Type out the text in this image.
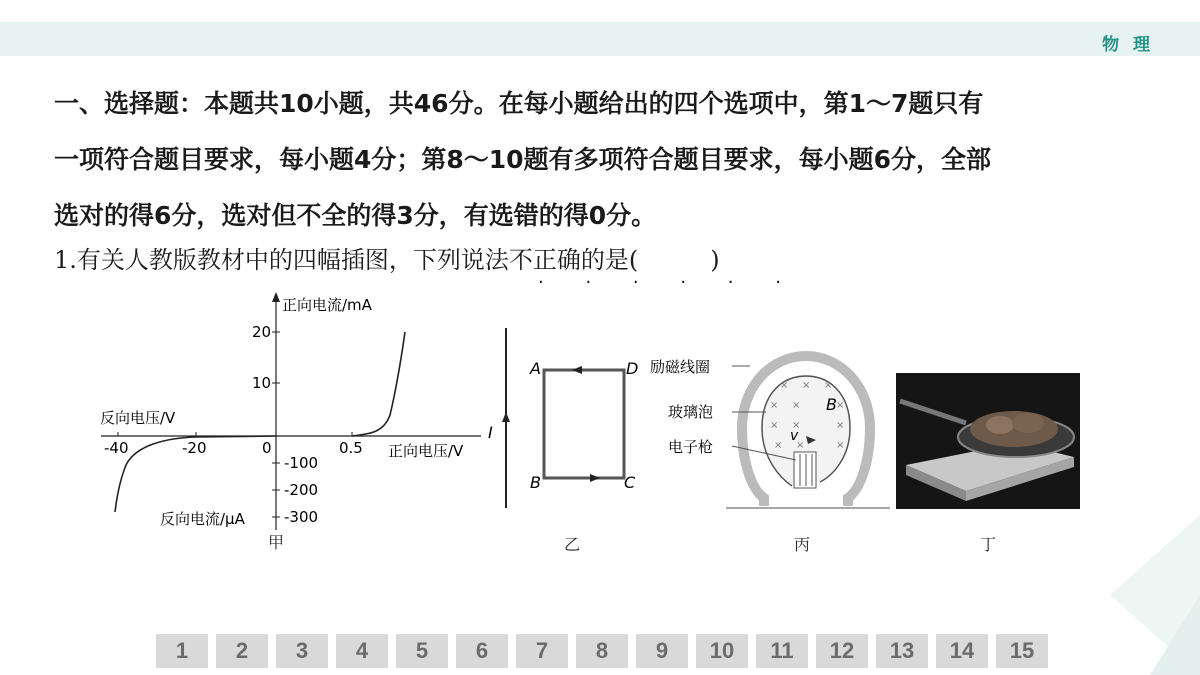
物 理
一、选择题：本题共10小题，共46分。在每小题给出的四个选项中，第1～7题只有
一项符合题目要求，每小题4分；第8～10题有多项符合题目要求，每小题6分，全部
选对的得6分，选对但不全的得3分，有选错的得0分。
1.有关人教版教材中的四幅插图，下列说法不正确的是(　　　)
· · · · · ·
正向电流/mA
20
10
反向电压/V
-40	-20	0	0.5 正向电压/V
-100
-200
反向电流/μA	-300
甲
I
A	D
B	C
乙
× × ×
× ×	×
× ×	×
× ×	×
励磁线圈
玻璃泡
电子枪
B
v
丙	丁
1	2	3	4	5	6	7	8	9	10	11	12	13	14	15
